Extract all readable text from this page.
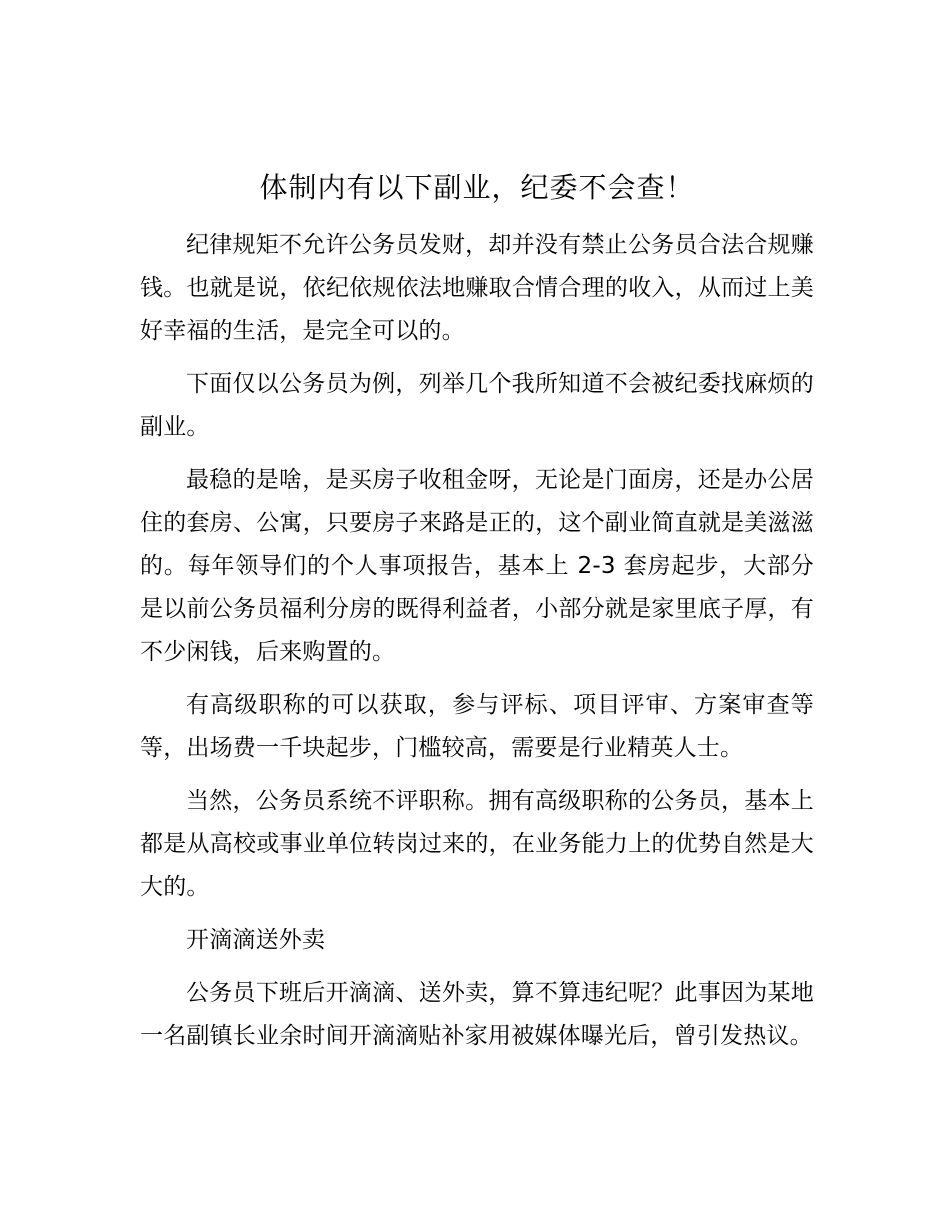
体制内有以下副业，纪委不会查！

纪律规矩不允许公务员发财，却并没有禁止公务员合法合规赚钱。也就是说，依纪依规依法地赚取合情合理的收入，从而过上美好幸福的生活，是完全可以的。

下面仅以公务员为例，列举几个我所知道不会被纪委找麻烦的副业。

最稳的是啥，是买房子收租金呀，无论是门面房，还是办公居住的套房、公寓，只要房子来路是正的，这个副业简直就是美滋滋的。每年领导们的个人事项报告，基本上 2-3 套房起步，大部分是以前公务员福利分房的既得利益者，小部分就是家里底子厚，有不少闲钱，后来购置的。

有高级职称的可以获取，参与评标、项目评审、方案审查等等，出场费一千块起步，门槛较高，需要是行业精英人士。

当然，公务员系统不评职称。拥有高级职称的公务员，基本上都是从高校或事业单位转岗过来的，在业务能力上的优势自然是大大的。

开滴滴送外卖

公务员下班后开滴滴、送外卖，算不算违纪呢？此事因为某地一名副镇长业余时间开滴滴贴补家用被媒体曝光后，曾引发热议。
